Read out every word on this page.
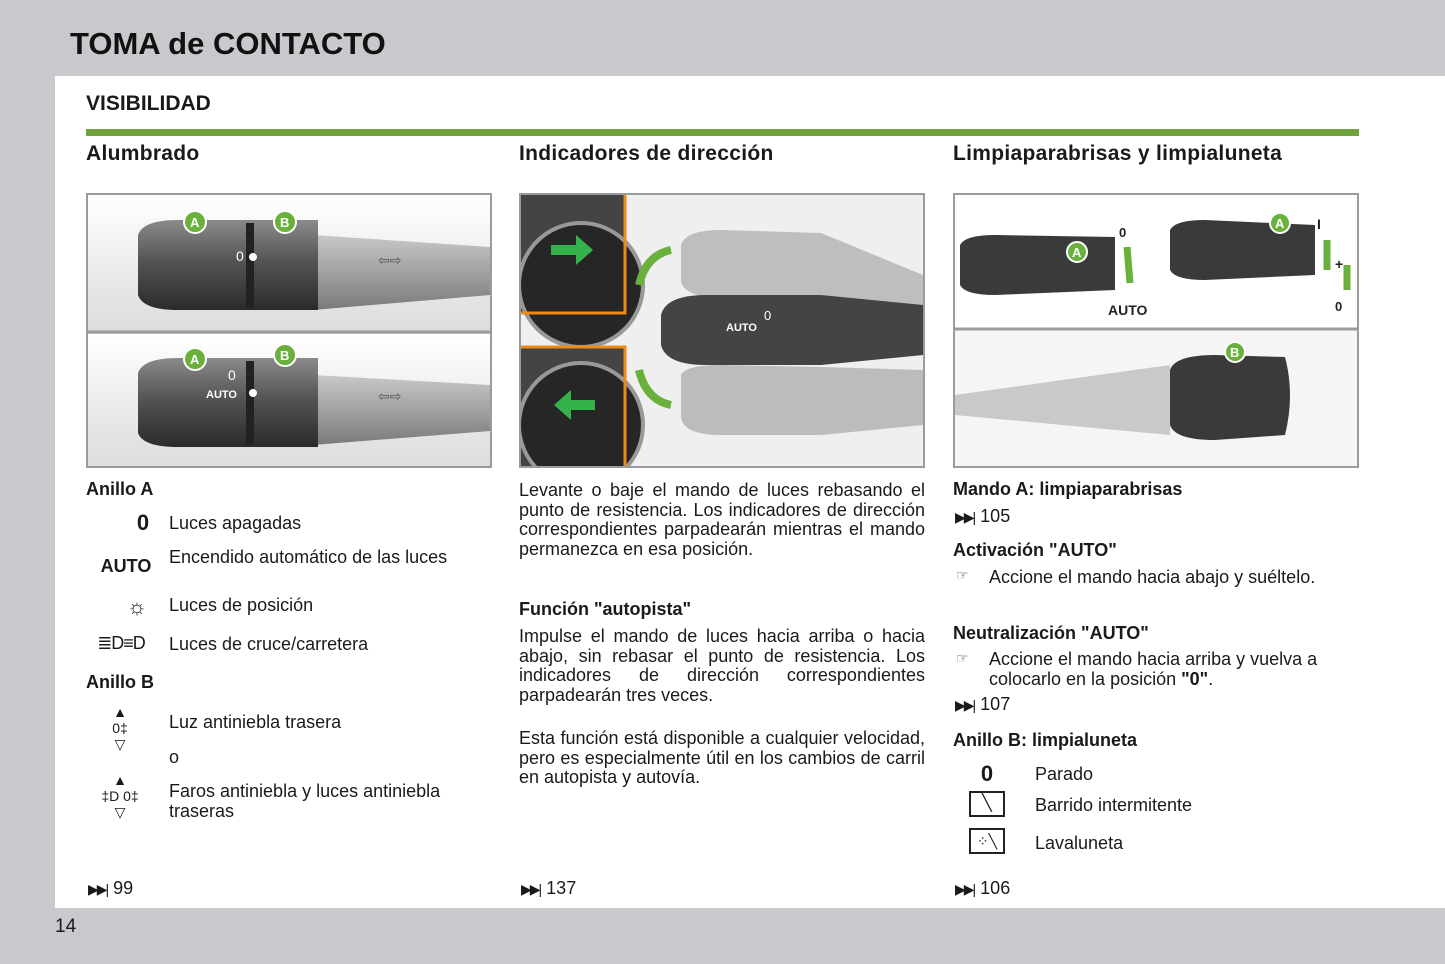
TOMA de CONTACTO
VISIBILIDAD
Alumbrado
0	⇦⇨
A	B
0
AUTO	⇦⇨
A	B
Anillo A
0 Luces apagadas
AUTO Encendido automático de las luces
☼	Luces de posición
≣D≡D	Luces de cruce/carretera
Anillo B
▲
0‡
▽
Luz antiniebla trasera
o
▲
‡D 0‡
▽
Faros antiniebla y luces antiniebla traseras
▶▶| 99
Indicadores de dirección
0
AUTO
Levante o baje el mando de luces rebasando el punto de resistencia. Los indicadores de dirección correspondientes parpadearán mientras el mando permanezca en esa posición.
Función "autopista"
Impulse el mando de luces hacia arriba o hacia abajo, sin rebasar el punto de resistencia. Los indicadores de dirección correspondientes parpadearán tres veces.
Esta función está disponible a cualquier velocidad, pero es especialmente útil en los cambios de carril en autopista y autovía.
▶▶| 137
Limpiaparabrisas y limpialuneta
A
A
0
AUTO
I
+
0
B
Mando A: limpiaparabrisas
▶▶| 105
Activación "AUTO"
☞ Accione el mando hacia abajo y suéltelo.
Neutralización "AUTO"
☞ Accione el mando hacia arriba y vuelva a colocarlo en la posición "0".
▶▶| 107
Anillo B: limpialuneta
0	Parado
╲	Barrido intermitente
⁘╲	Lavaluneta
▶▶| 106
14
